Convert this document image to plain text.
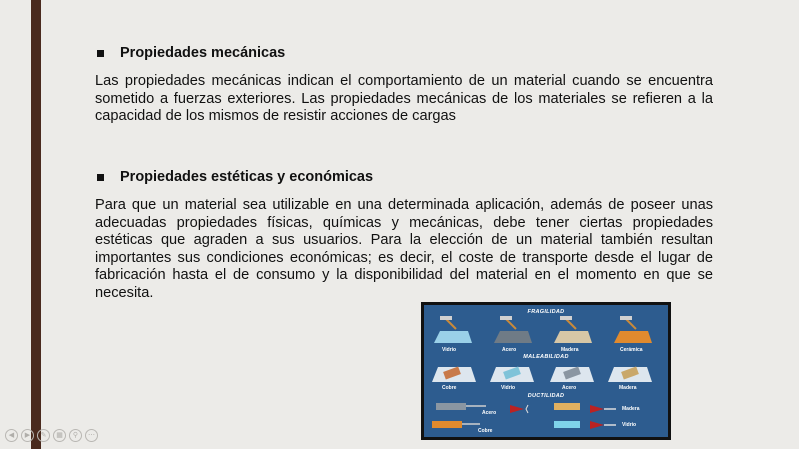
Propiedades mecánicas
Las propiedades mecánicas indican el comportamiento de un material cuando se encuentra sometido a fuerzas exteriores. Las propiedades mecánicas de los materiales se refieren a la capacidad de los mismos de resistir acciones de cargas
Propiedades estéticas y económicas
Para que un material sea utilizable en una determinada aplicación, además de poseer unas adecuadas propiedades físicas, químicas y mecánicas, debe tener ciertas propiedades estéticas que agraden a sus usuarios. Para la elección de un material también resultan importantes sus condiciones económicas; es decir, el coste de transporte desde el lugar de fabricación hasta el de consumo y la disponibilidad del material en el momento en que se necesita.
FRAGILIDAD
Vidrio	Acero	Madera	Cerámica
MALEABILIDAD
Cobre	Vidrio	Acero	Madera
DUCTILIDAD
Acero
Cobre
Madera
Vidrio
◀	▶	✎	▦	⚲	⋯
